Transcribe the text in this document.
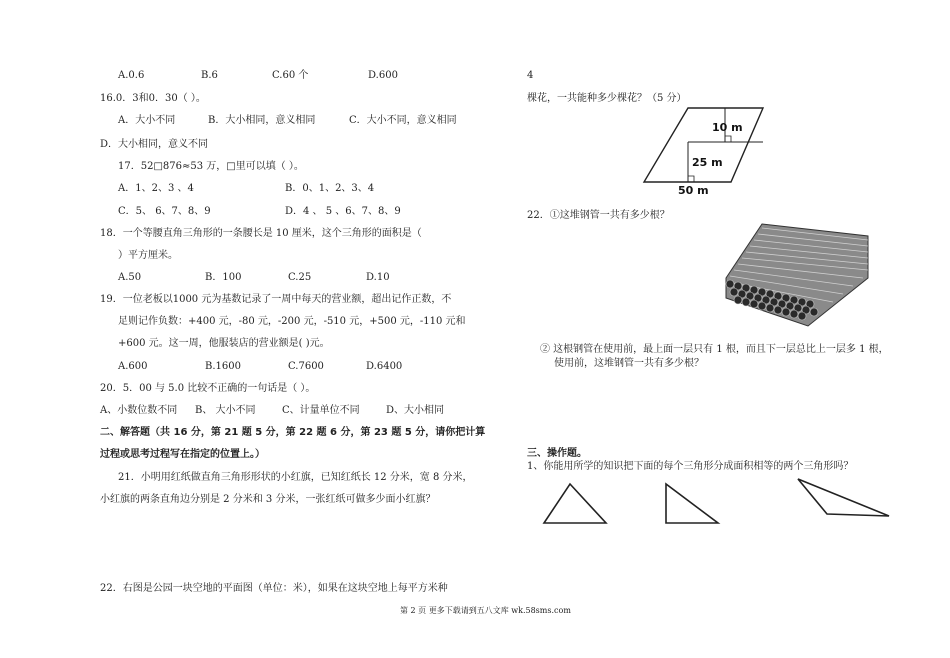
A.0.6	B.6	C.60 个	D.600
16.0．3和0．30（ ）。
A．大小不同	B．大小相同，意义相同	C．大小不同，意义相同
D．大小相同，意义不同
17．52□876≈53 万，□里可以填（ ）。
A．1、2、3 、4	B．0、1、2、3、4
C．5、 6、7、8、9	D．4 、 5 、6、7、8、9
18．一个等腰直角三角形的一条腰长是 10 厘米，这个三角形的面积是（
）平方厘米。
A.50	B．100	C.25	D.10
19．一位老板以1000 元为基数记录了一周中每天的营业额，超出记作正数，不
足则记作负数：+400 元，-80 元，-200 元，-510 元，+500 元，-110 元和
+600 元。这一周，他服装店的营业额是( )元。
A.600	B.1600	C.7600	D.6400
20．5．00 与 5.0 比较不正确的一句话是（ ）。
A、小数位数不同 B、 大小不同	C、计量单位不同	D、大小相同
二、解答题（共 16 分，第 21 题 5 分，第 22 题 6 分，第 23 题 5 分，请你把计算
过程或思考过程写在指定的位置上。）
21．小明用红纸做直角三角形形状的小红旗，已知红纸长 12 分米，宽 8 分米，
小红旗的两条直角边分别是 2 分米和 3 分米，一张红纸可做多少面小红旗？
22．右图是公园一块空地的平面图（单位：米），如果在这块空地上每平方米种
4
棵花，一共能种多少棵花？（5 分）
10 m
25 m
50 m
22．①这堆钢管一共有多少根？
② 这根钢管在使用前，最上面一层只有 1 根，而且下一层总比上一层多 1 根，
使用前，这堆钢管一共有多少根？
三、操作题。
1、你能用所学的知识把下面的每个三角形分成面积相等的两个三角形吗？
第 2 页 更多下载请到五八文库 wk.58sms.com
